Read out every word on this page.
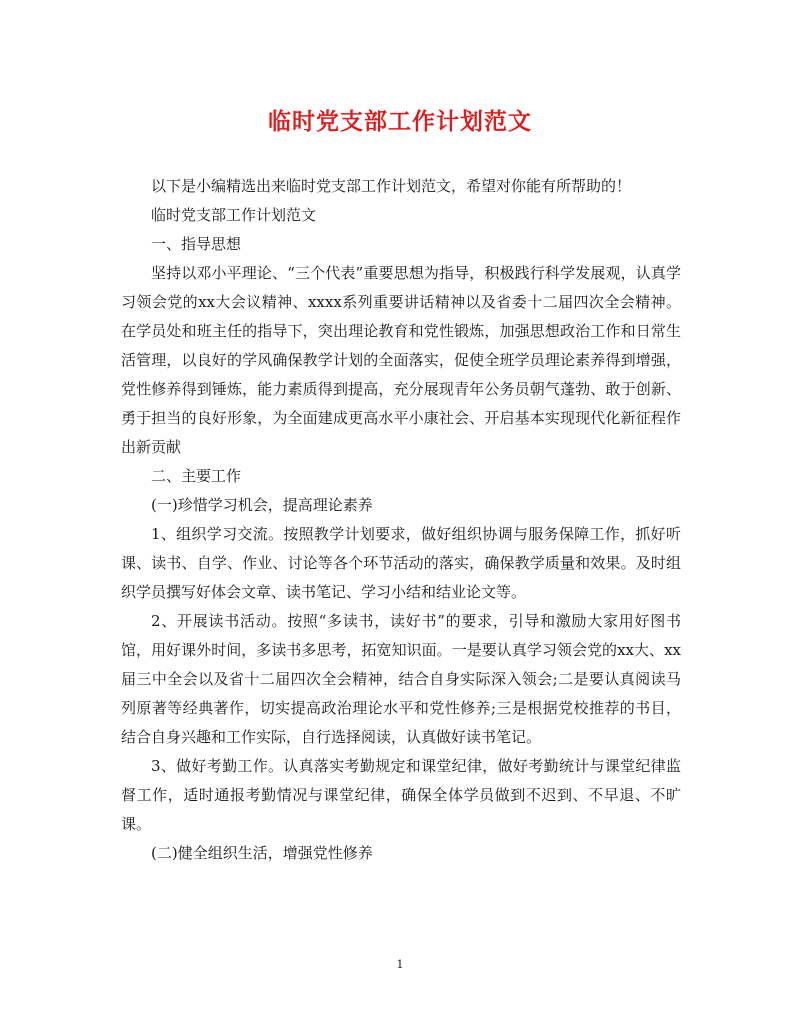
临时党支部工作计划范文

以下是小编精选出来临时党支部工作计划范文，希望对你能有所帮助的！

临时党支部工作计划范文

一、指导思想

坚持以邓小平理论、“三个代表”重要思想为指导，积极践行科学发展观，认真学习领会党的xx大会议精神、xxxx系列重要讲话精神以及省委十二届四次全会精神。在学员处和班主任的指导下，突出理论教育和党性锻炼，加强思想政治工作和日常生活管理，以良好的学风确保教学计划的全面落实，促使全班学员理论素养得到增强，党性修养得到锤炼，能力素质得到提高，充分展现青年公务员朝气蓬勃、敢于创新、勇于担当的良好形象，为全面建成更高水平小康社会、开启基本实现现代化新征程作出新贡献

二、主要工作

(一)珍惜学习机会，提高理论素养

1、组织学习交流。按照教学计划要求，做好组织协调与服务保障工作，抓好听课、读书、自学、作业、讨论等各个环节活动的落实，确保教学质量和效果。及时组织学员撰写好体会文章、读书笔记、学习小结和结业论文等。

2、开展读书活动。按照“多读书，读好书”的要求，引导和激励大家用好图书馆，用好课外时间，多读书多思考，拓宽知识面。一是要认真学习领会党的xx大、xx届三中全会以及省十二届四次全会精神，结合自身实际深入领会;二是要认真阅读马列原著等经典著作，切实提高政治理论水平和党性修养;三是根据党校推荐的书目，结合自身兴趣和工作实际，自行选择阅读，认真做好读书笔记。

3、做好考勤工作。认真落实考勤规定和课堂纪律，做好考勤统计与课堂纪律监督工作，适时通报考勤情况与课堂纪律，确保全体学员做到不迟到、不早退、不旷课。

(二)健全组织生活，增强党性修养

1
